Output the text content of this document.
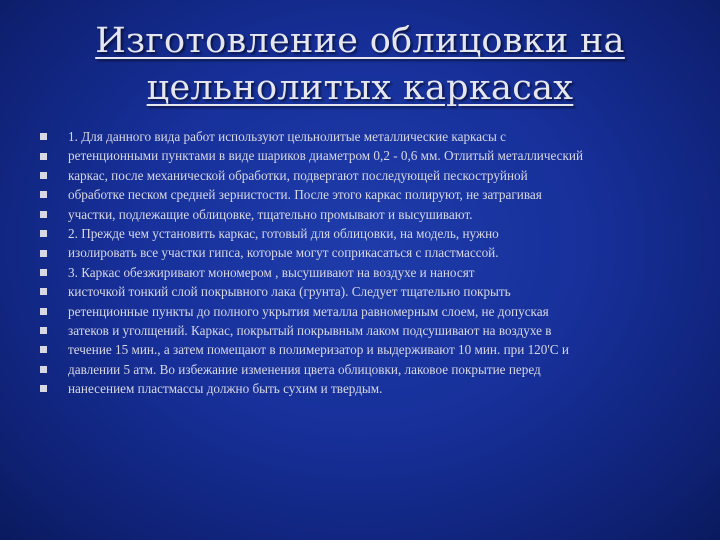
Изготовление облицовки на
цельнолитых каркасах
1. Для данного вида работ используют цельнолитые металлические каркасы с
ретенционными пунктами в виде шариков диаметром 0,2 - 0,6 мм. Отлитый металлический
каркас, после механической обработки, подвергают последующей пескоструйной
обработке песком средней зернистости. После этого каркас полируют, не затрагивая
участки, подлежащие облицовке, тщательно промывают и высушивают.
2. Прежде чем установить каркас, готовый для облицовки, на модель, нужно
изолировать все участки гипса, которые могут соприкасаться с пластмассой.
3. Каркас обезжиривают мономером , высушивают на воздухе и наносят
кисточкой тонкий слой покрывного лака (грунта). Следует тщательно покрыть
ретенционные пункты до полного укрытия металла равномерным слоем, не допуская
затеков и уголщений. Каркас, покрытый покрывным лаком подсушивают на воздухе в
течение 15 мин., а затем помещают в полимеризатор и выдерживают 10 мин. при 120'С и
давлении 5 атм. Во избежание изменения цвета облицовки, лаковое покрытие перед
нанесением пластмассы должно быть сухим и твердым.
